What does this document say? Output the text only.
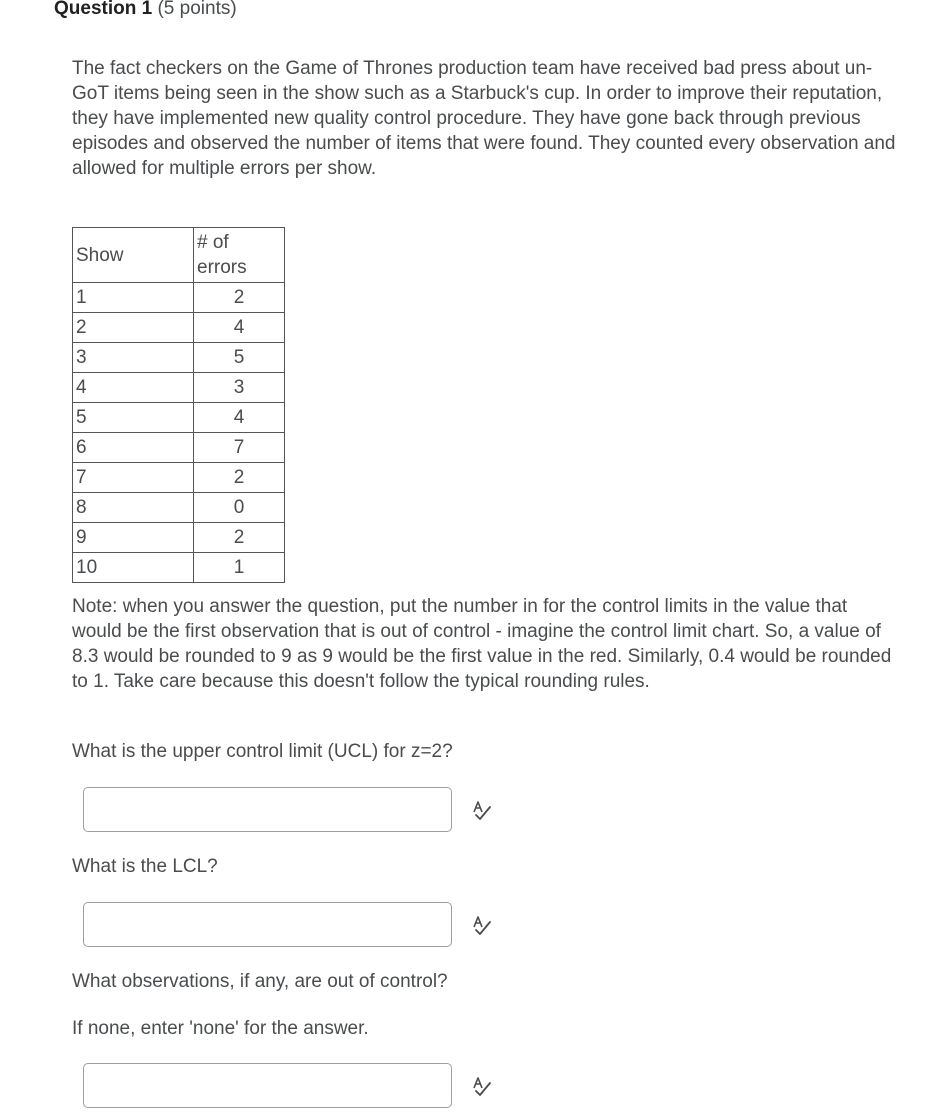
Question 1 (5 points)
The fact checkers on the Game of Thrones production team have received bad press about un-GoT items being seen in the show such as a Starbuck's cup. In order to improve their reputation, they have implemented new quality control procedure. They have gone back through previous episodes and observed the number of items that were found. They counted every observation and allowed for multiple errors per show.
Show	# of errors
1	2
2	4
3	5
4	3
5	4
6	7
7	2
8	0
9	2
10	1
Note: when you answer the question, put the number in for the control limits in the value that would be the first observation that is out of control - imagine the control limit chart. So, a value of 8.3 would be rounded to 9 as 9 would be the first value in the red. Similarly, 0.4 would be rounded to 1. Take care because this doesn't follow the typical rounding rules.
What is the upper control limit (UCL) for z=2?
What is the LCL?
What observations, if any, are out of control?
If none, enter 'none' for the answer.
